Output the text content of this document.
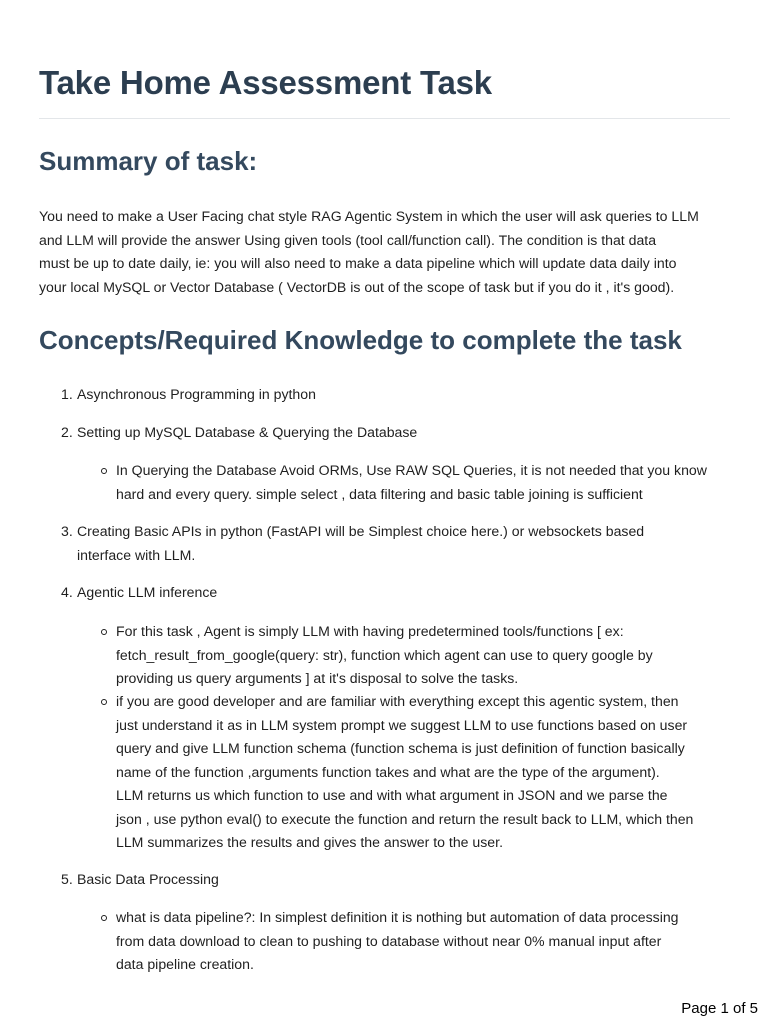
Take Home Assessment Task
Summary of task:
You need to make a User Facing chat style RAG Agentic System in which the user will ask queries to LLM
and LLM will provide the answer Using given tools (tool call/function call). The condition is that data
must be up to date daily, ie: you will also need to make a data pipeline which will update data daily into
your local MySQL or Vector Database ( VectorDB is out of the scope of task but if you do it , it's good).
Concepts/Required Knowledge to complete the task
1. Asynchronous Programming in python
2. Setting up MySQL Database & Querying the Database
In Querying the Database Avoid ORMs, Use RAW SQL Queries, it is not needed that you know
hard and every query. simple select , data filtering and basic table joining is sufficient
3. Creating Basic APIs in python (FastAPI will be Simplest choice here.) or websockets based
interface with LLM.
4. Agentic LLM inference
For this task , Agent is simply LLM with having predetermined tools/functions [ ex:
fetch_result_from_google(query: str), function which agent can use to query google by
providing us query arguments ] at it's disposal to solve the tasks.
if you are good developer and are familiar with everything except this agentic system, then
just understand it as in LLM system prompt we suggest LLM to use functions based on user
query and give LLM function schema (function schema is just definition of function basically
name of the function ,arguments function takes and what are the type of the argument).
LLM returns us which function to use and with what argument in JSON and we parse the
json , use python eval() to execute the function and return the result back to LLM, which then
LLM summarizes the results and gives the answer to the user.
5. Basic Data Processing
what is data pipeline?: In simplest definition it is nothing but automation of data processing
from data download to clean to pushing to database without near 0% manual input after
data pipeline creation.
Page 1 of 5
